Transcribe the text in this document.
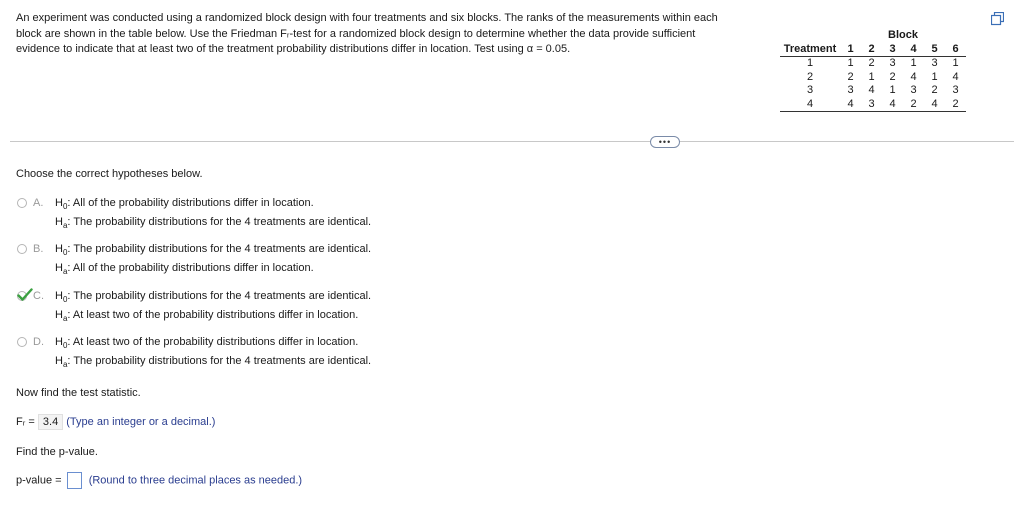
An experiment was conducted using a randomized block design with four treatments and six blocks. The ranks of the measurements within each
block are shown in the table below. Use the Friedman Fᵣ-test for a randomized block design to determine whether the data provide sufficient
evidence to indicate that at least two of the treatment probability distributions differ in location. Test using α = 0.05.
	Block					
Treatment	1	2	3	4	5	6
1	1	2	3	1	3	1
2	2	1	2	4	1	4
3	3	4	1	3	2	3
4	4	3	4	2	4	2
•••
Choose the correct hypotheses below.
A. $H_0$: All of the probability distributions differ in location.
$H_a$: The probability distributions for the 4 treatments are identical.
B. $H_0$: The probability distributions for the 4 treatments are identical.
$H_a$: All of the probability distributions differ in location.
C. $H_0$: The probability distributions for the 4 treatments are identical.
$H_a$: At least two of the probability distributions differ in location.
D. $H_0$: At least two of the probability distributions differ in location.
$H_a$: The probability distributions for the 4 treatments are identical.
Now find the test statistic.
Fᵣ = 3.4 (Type an integer or a decimal.)
Find the p-value.
p-value = (Round to three decimal places as needed.)
